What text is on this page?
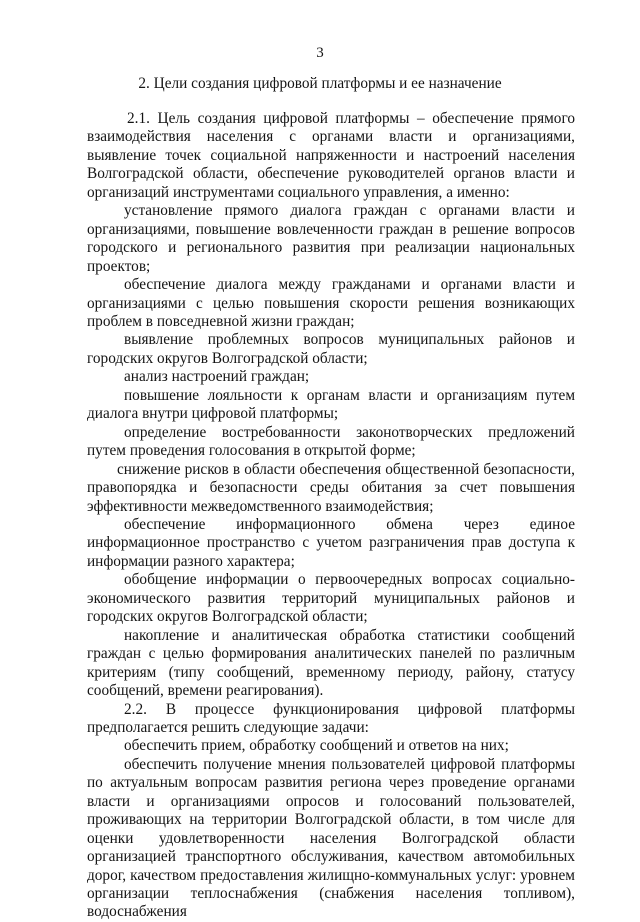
3
2. Цели создания цифровой платформы и ее назначение

2.1. Цель создания цифровой платформы – обеспечение прямого взаимодействия населения с органами власти и организациями, выявление точек социальной напряженности и настроений населения Волгоградской области, обеспечение руководителей органов власти и организаций инструментами социального управления, а именно:

установление прямого диалога граждан с органами власти и организациями, повышение вовлеченности граждан в решение вопросов городского и регионального развития при реализации национальных проектов;

обеспечение диалога между гражданами и органами власти и организациями с целью повышения скорости решения возникающих проблем в повседневной жизни граждан;

выявление проблемных вопросов муниципальных районов и городских округов Волгоградской области;

анализ настроений граждан;

повышение лояльности к органам власти и организациям путем диалога внутри цифровой платформы;

определение востребованности законотворческих предложений путем проведения голосования в открытой форме;

снижение рисков в области обеспечения общественной безопасности, правопорядка и безопасности среды обитания за счет повышения эффективности межведомственного взаимодействия;

обеспечение информационного обмена через единое информационное пространство с учетом разграничения прав доступа к информации разного характера;

обобщение информации о первоочередных вопросах социально-экономического развития территорий муниципальных районов и городских округов Волгоградской области;

накопление и аналитическая обработка статистики сообщений граждан с целью формирования аналитических панелей по различным критериям (типу сообщений, временному периоду, району, статусу сообщений, времени реагирования).

2.2. В процессе функционирования цифровой платформы предполагается решить следующие задачи:

обеспечить прием, обработку сообщений и ответов на них;

обеспечить получение мнения пользователей цифровой платформы по актуальным вопросам развития региона через проведение органами власти и организациями опросов и голосований пользователей, проживающих на территории Волгоградской области, в том числе для оценки удовлетворенности населения Волгоградской области организацией транспортного обслуживания, качеством автомобильных дорог, качеством предоставления жилищно-коммунальных услуг: уровнем организации теплоснабжения (снабжения населения топливом), водоснабжения
